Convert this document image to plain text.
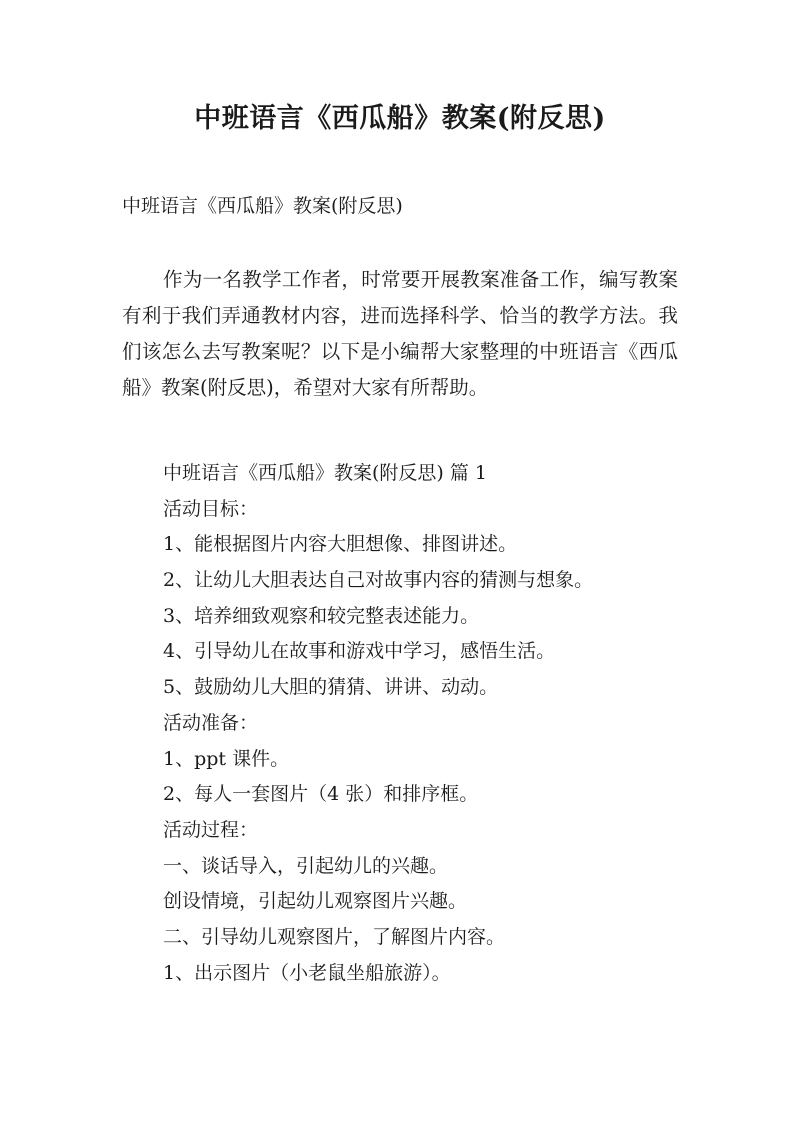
中班语言《西瓜船》教案(附反思)

中班语言《西瓜船》教案(附反思)

作为一名教学工作者，时常要开展教案准备工作，编写教案有利于我们弄通教材内容，进而选择科学、恰当的教学方法。我们该怎么去写教案呢？以下是小编帮大家整理的中班语言《西瓜船》教案(附反思)，希望对大家有所帮助。

中班语言《西瓜船》教案(附反思) 篇 1
活动目标：
1、能根据图片内容大胆想像、排图讲述。
2、让幼儿大胆表达自己对故事内容的猜测与想象。
3、培养细致观察和较完整表述能力。
4、引导幼儿在故事和游戏中学习，感悟生活。
5、鼓励幼儿大胆的猜猜、讲讲、动动。
活动准备：
1、ppt 课件。
2、每人一套图片（4 张）和排序框。
活动过程：
一、谈话导入，引起幼儿的兴趣。
创设情境，引起幼儿观察图片兴趣。
二、引导幼儿观察图片，了解图片内容。
1、出示图片（小老鼠坐船旅游）。
